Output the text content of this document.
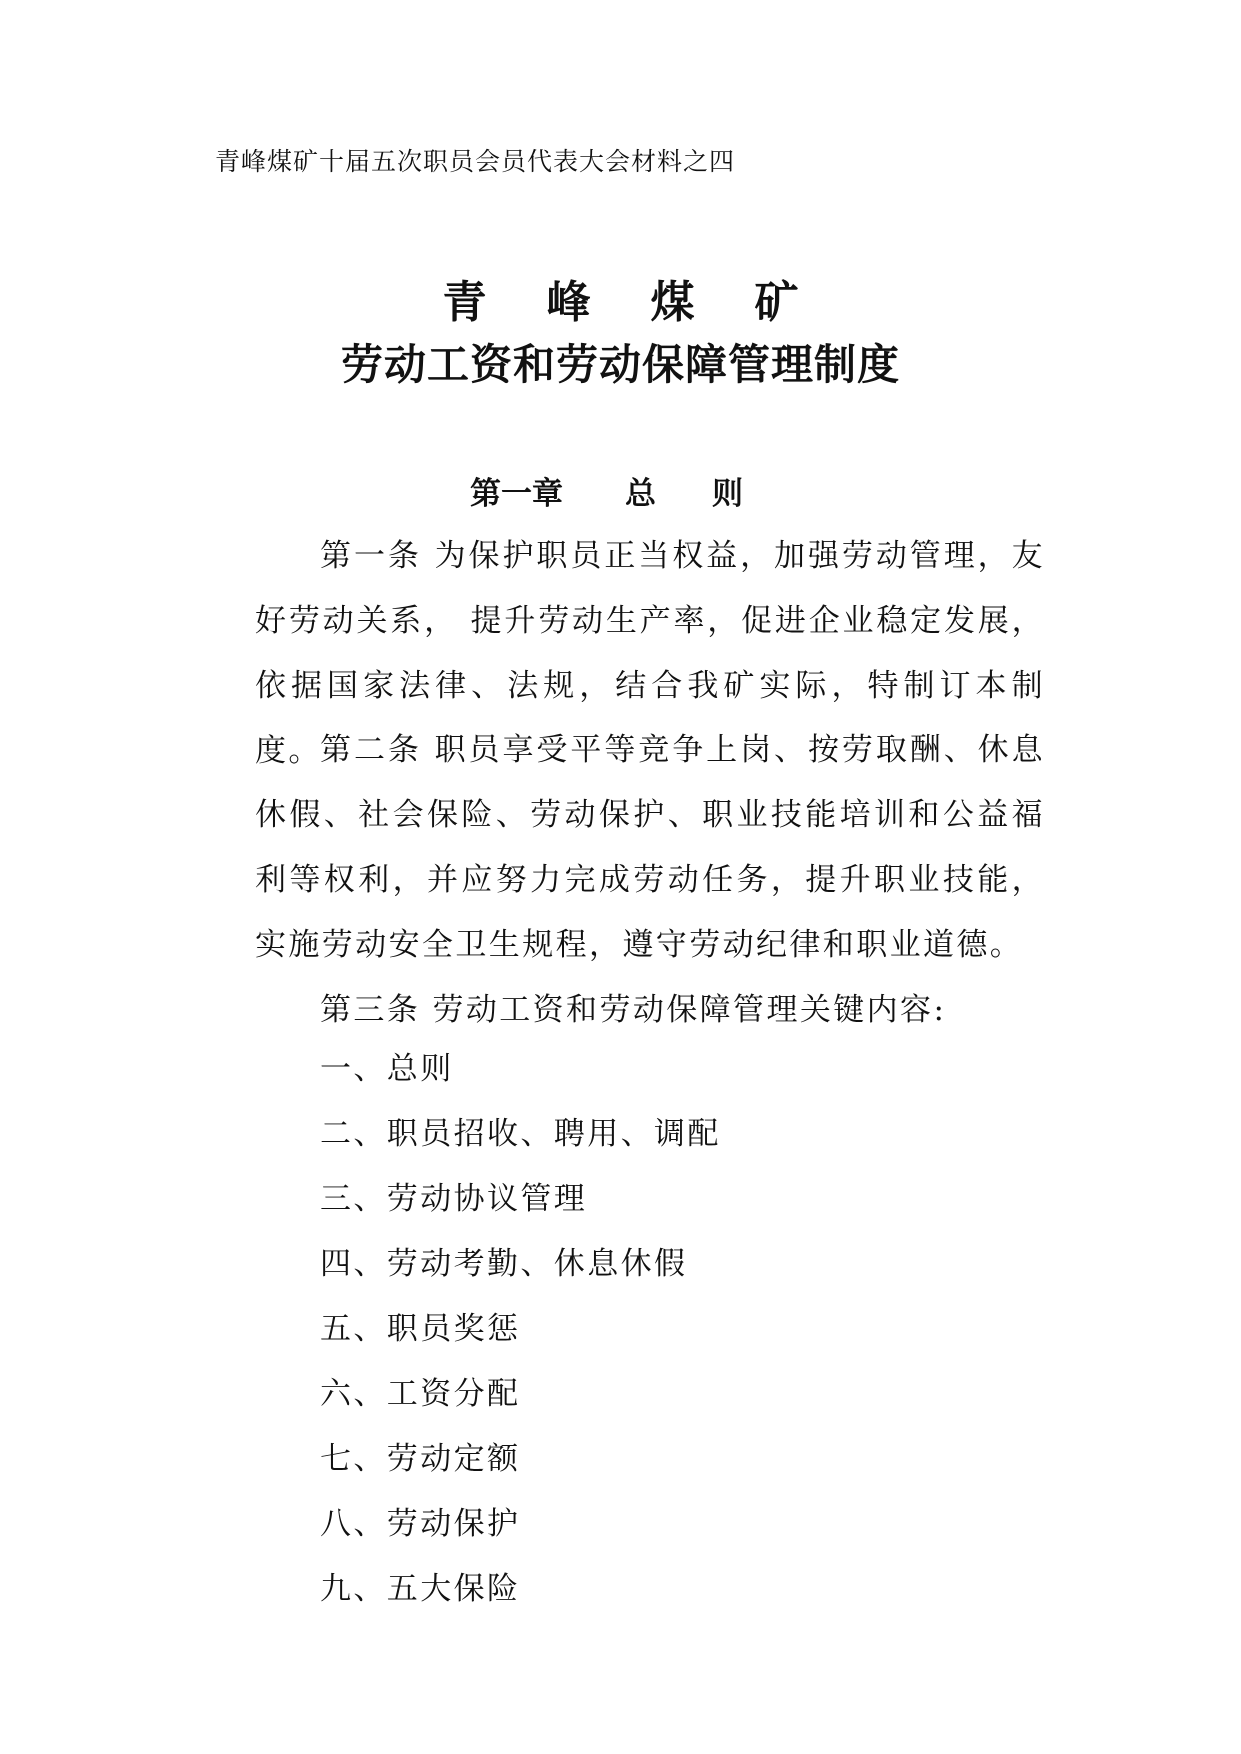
青峰煤矿十届五次职员会员代表大会材料之四
青 峰 煤 矿
劳动工资和劳动保障管理制度
第一章 总 则
第一条 为保护职员正当权益，加强劳动管理，友好劳动关系， 提升劳动生产率，促进企业稳定发展，依据国家法律、法规，结合我矿实际，特制订本制度。
第二条 职员享受平等竞争上岗、按劳取酬、休息休假、社会保险、劳动保护、职业技能培训和公益福利等权利，并应努力完成劳动任务，提升职业技能，实施劳动安全卫生规程，遵守劳动纪律和职业道德。
第三条 劳动工资和劳动保障管理关键内容:
一、总则
二、职员招收、聘用、调配
三、劳动协议管理
四、劳动考勤、休息休假
五、职员奖惩
六、工资分配
七、劳动定额
八、劳动保护
九、五大保险
